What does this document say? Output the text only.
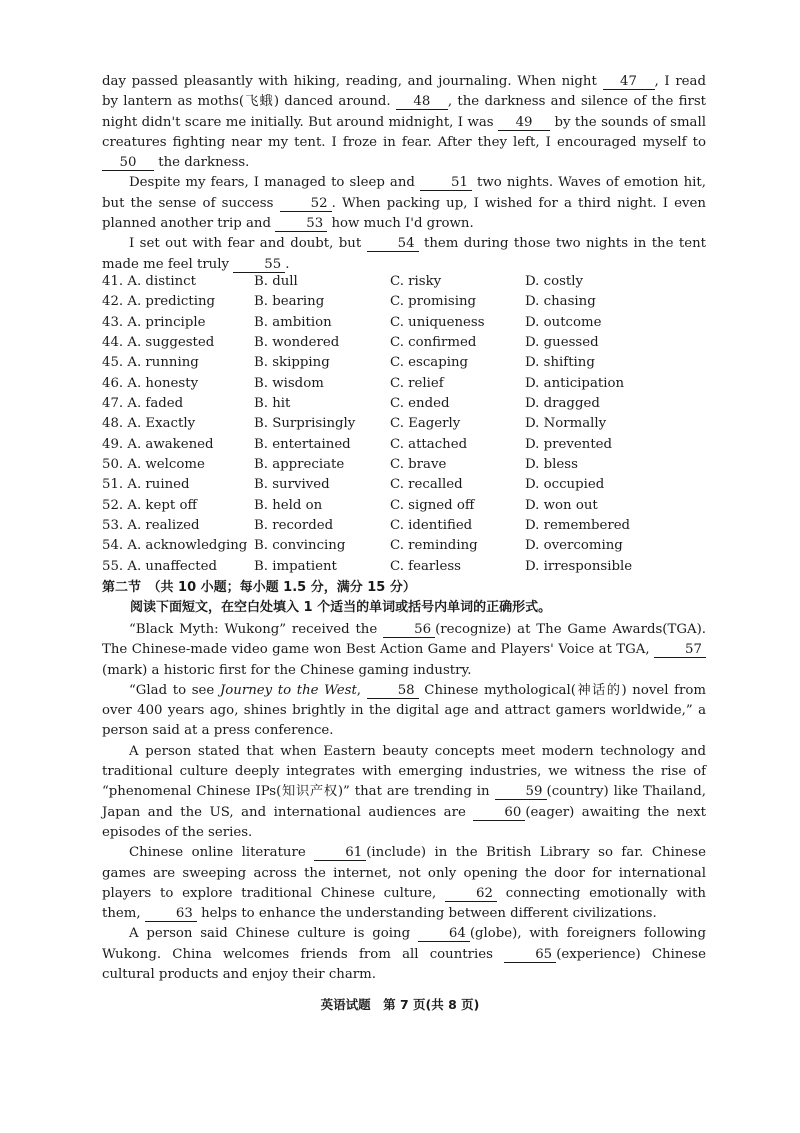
day passed pleasantly with hiking, reading, and journaling. When night 47 , I read by lantern as moths(飞蛾) danced around. 48 , the darkness and silence of the first night didn't scare me initially. But around midnight, I was 49 by the sounds of small creatures fighting near my tent. I froze in fear. After they left, I encouraged myself to 50 the darkness.

Despite my fears, I managed to sleep and 51 two nights. Waves of emotion hit, but the sense of success 52 . When packing up, I wished for a third night. I even planned another trip and 53 how much I'd grown.

I set out with fear and doubt, but 54 them during those two nights in the tent made me feel truly 55 .

41. A. distinct	B. dull	C. risky	D. costly
42. A. predicting	B. bearing	C. promising	D. chasing
43. A. principle	B. ambition	C. uniqueness	D. outcome
44. A. suggested	B. wondered	C. confirmed	D. guessed
45. A. running	B. skipping	C. escaping	D. shifting
46. A. honesty	B. wisdom	C. relief	D. anticipation
47. A. faded	B. hit	C. ended	D. dragged
48. A. Exactly	B. Surprisingly	C. Eagerly	D. Normally
49. A. awakened	B. entertained	C. attached	D. prevented
50. A. welcome	B. appreciate	C. brave	D. bless
51. A. ruined	B. survived	C. recalled	D. occupied
52. A. kept off	B. held on	C. signed off	D. won out
53. A. realized	B. recorded	C. identified	D. remembered
54. A. acknowledging B. convincing	C. reminding	D. overcoming
55. A. unaffected	B. impatient	C. fearless	D. irresponsible
第二节　（共 10 小题；每小题 1.5 分，满分 15 分）
阅读下面短文，在空白处填入 1 个适当的单词或括号内单词的正确形式。

“Black Myth: Wukong” received the 56 (recognize) at The Game Awards(TGA). The Chinese-made video game won Best Action Game and Players' Voice at TGA, 57(mark) a historic first for the Chinese gaming industry.

“Glad to see Journey to the West, 58 Chinese mythological(神话的) novel from over 400 years ago, shines brightly in the digital age and attract gamers worldwide,” a person said at a press conference.

A person stated that when Eastern beauty concepts meet modern technology and traditional culture deeply integrates with emerging industries, we witness the rise of “phenomenal Chinese IPs(知识产权)” that are trending in 59 (country) like Thailand, Japan and the US, and international audiences are 60 (eager) awaiting the next episodes of the series.

Chinese online literature 61 (include) in the British Library so far. Chinese games are sweeping across the internet, not only opening the door for international players to explore traditional Chinese culture, 62 connecting emotionally with them, 63 helps to enhance the understanding between different civilizations.

A person said Chinese culture is going 64 (globe), with foreigners following Wukong. China welcomes friends from all countries 65 (experience) Chinese cultural products and enjoy their charm.

英语试题　第 7 页(共 8 页)
